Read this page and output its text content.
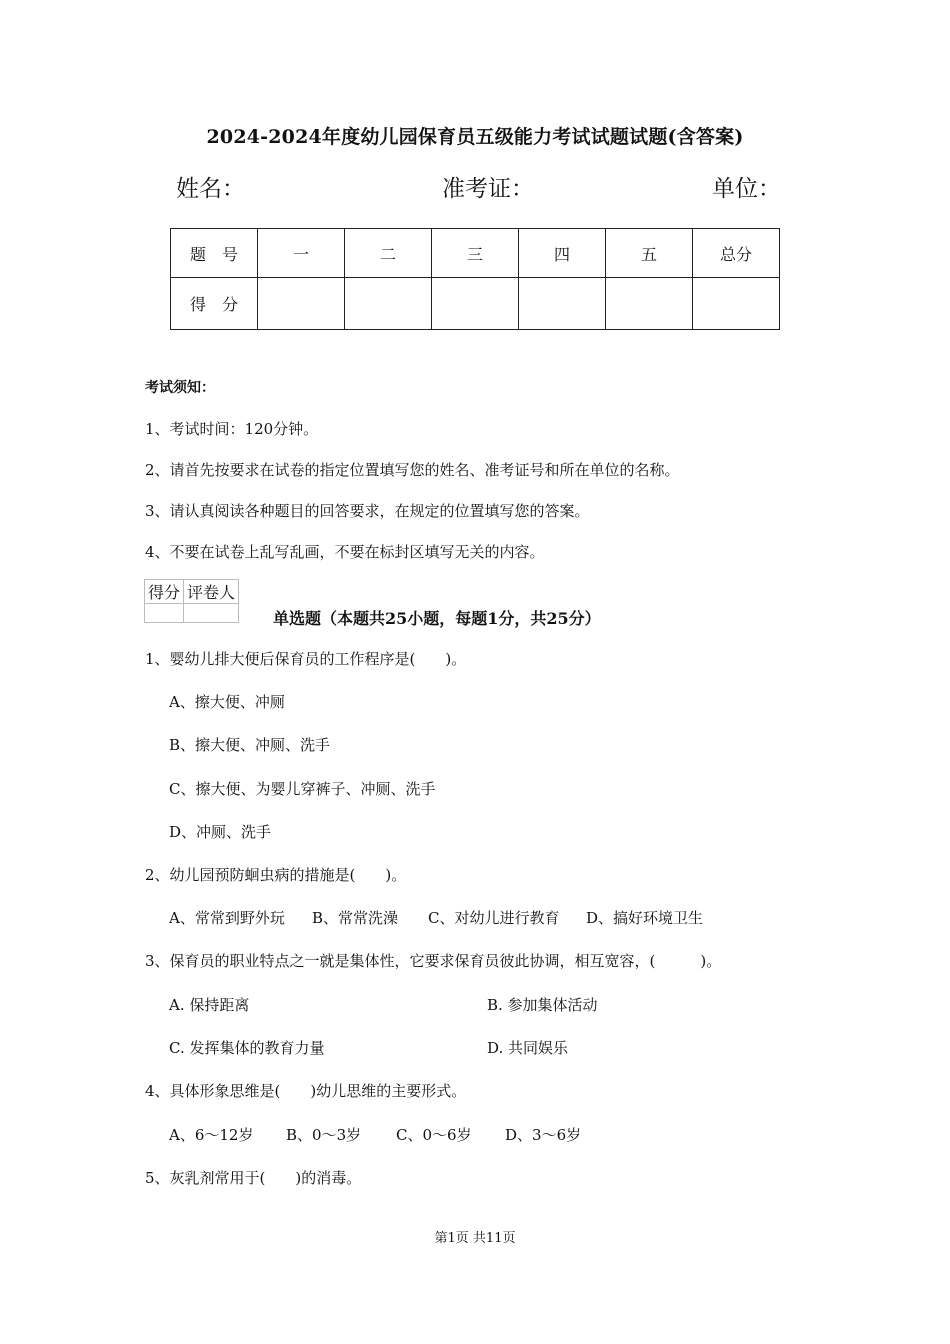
2024-2024年度幼儿园保育员五级能力考试试题试题(含答案)
姓名：	准考证：	单位：
题　号	一	二	三	四	五	总分
得　分						
考试须知：
1、考试时间：120分钟。
2、请首先按要求在试卷的指定位置填写您的姓名、准考证号和所在单位的名称。
3、请认真阅读各种题目的回答要求，在规定的位置填写您的答案。
4、不要在试卷上乱写乱画，不要在标封区填写无关的内容。
得分	评卷人

单选题（本题共25小题，每题1分，共25分）
1、婴幼儿排大便后保育员的工作程序是(　　)。
A、擦大便、冲厕
B、擦大便、冲厕、洗手
C、擦大便、为婴儿穿裤子、冲厕、洗手
D、冲厕、洗手
2、幼儿园预防蛔虫病的措施是(　　)。
A、常常到野外玩 B、常常洗澡 C、对幼儿进行教育 D、搞好环境卫生
3、保育员的职业特点之一就是集体性，它要求保育员彼此协调，相互宽容，(　　　)。
A. 保持距离	B. 参加集体活动
C. 发挥集体的教育力量	D. 共同娱乐
4、具体形象思维是(　　)幼儿思维的主要形式。
A、6～12岁 B、0～3岁 C、0～6岁 D、3～6岁
5、灰乳剂常用于(　　)的消毒。
第1页 共11页
